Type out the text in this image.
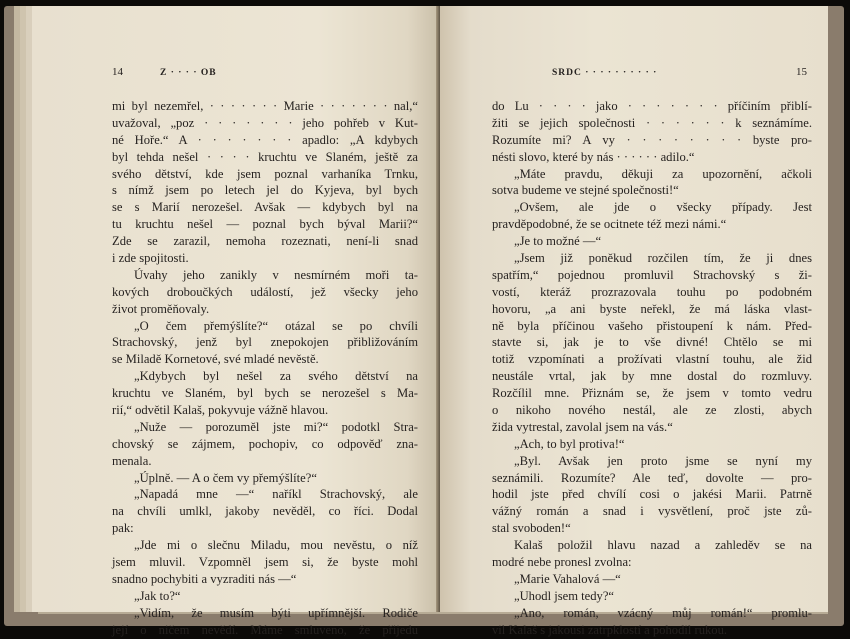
14	Z · · · · OB
mi byl nezemřel, · · · · · · · Marie · · · · · · · nal,“
uvažoval, „poz · · · · · · · jeho pohřeb v Kut-
né Hoře.“ A · · · · · · · apadlo: „A kdybych
byl tehda nešel · · · · kruchtu ve Slaném, ještě za
svého dětství, kde jsem poznal varhaníka Trnku,
s nímž jsem po letech jel do Kyjeva, byl bych
se s Marií nerozešel. Avšak — kdybych byl na
tu kruchtu nešel — poznal bych býval Marii?“
Zde se zarazil, nemoha rozeznati, není-li snad
i zde spojitosti.
Úvahy jeho zanikly v nesmírném moři ta-
kových droboučkých událostí, jež všecky jeho
život proměňovaly.
„O čem přemýšlíte?“ otázal se po chvíli
Strachovský, jenž byl znepokojen přibližováním
se Miladě Kornetové, své mladé nevěstě.
„Kdybych byl nešel za svého dětství na
kruchtu ve Slaném, byl bych se nerozešel s Ma-
rií,“ odvětil Kalaš, pokyvuje vážně hlavou.
„Nuže — porozuměl jste mi?“ podotkl Stra-
chovský se zájmem, pochopiv, co odpověď zna-
menala.
„Úplně. — A o čem vy přemýšlíte?“
„Napadá mne —“ naříkl Strachovský, ale
na chvíli umlkl, jakoby nevěděl, co říci. Dodal
pak:
„Jde mi o slečnu Miladu, mou nevěstu, o níž
jsem mluvil. Vzpomněl jsem si, že byste mohl
snadno pochybiti a vyzraditi nás —“
„Jak to?“
„Vidím, že musím býti upřímnější. Rodiče
její o ničem nevědí. Máme smluveno, že přijedu
15
SRDC · · · · · · · · · ·
do Lu · · · · jako · · · · · · · příčiním přiblí-
žiti se jejich společnosti · · · · · · k seznámíme.
Rozumíte mi? A vy · · · · · · · · byste pro-
nésti slovo, které by nás · · · · · · adilo.“
„Máte pravdu, děkuji za upozornění, ačkoli
sotva budeme ve stejné společnosti!“
„Ovšem, ale jde o všecky případy. Jest
pravděpodobné, že se ocitnete též mezi námi.“
„Je to možné —“
„Jsem již poněkud rozčilen tím, že ji dnes
spatřím,“ pojednou promluvil Strachovský s ži-
vostí, kteráž prozrazovala touhu po podobném
hovoru, „a ani byste neřekl, že má láska vlast-
ně byla příčinou vašeho přistoupení k nám. Před-
stavte si, jak je to vše divné! Chtělo se mi
totiž vzpomínati a prožívati vlastní touhu, ale žid
neustále vrtal, jak by mne dostal do rozmluvy.
Rozčílil mne. Přiznám se, že jsem v tomto vedru
o nikoho nového nestál, ale ze zlosti, abych
žida vytrestal, zavolal jsem na vás.“
„Ach, to byl protiva!“
„Byl. Avšak jen proto jsme se nyní my
seznámili. Rozumíte? Ale teď, dovolte — pro-
hodil jste před chvílí cosi o jakési Marii. Patrně
vážný román a snad i vysvětlení, proč jste zů-
stal svoboden!“
Kalaš položil hlavu nazad a zahleděv se na
modré nebe pronesl zvolna:
„Marie Vahalová —“
„Uhodl jsem tedy?“
„Ano, román, vzácný můj román!“ promlu-
vil Kalaš s jakousi zatrpklostí a pohodil rukou.
